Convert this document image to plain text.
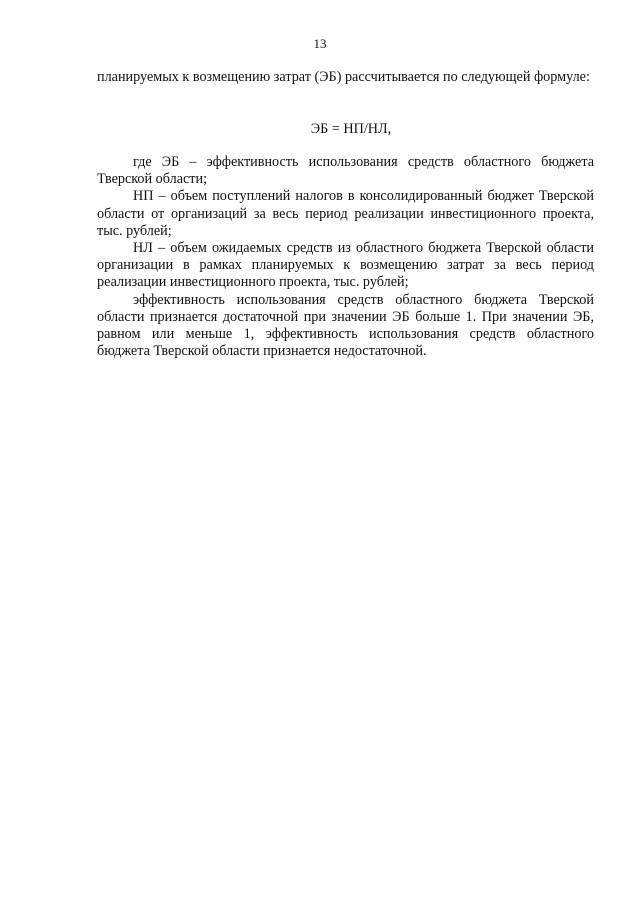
13
планируемых к возмещению затрат (ЭБ) рассчитывается по следующей формуле:
ЭБ = НП/НЛ,

где ЭБ – эффективность использования средств областного бюджета Тверской области;

НП – объем поступлений налогов в консолидированный бюджет Тверской области от организаций за весь период реализации инвестиционного проекта, тыс. рублей;

НЛ – объем ожидаемых средств из областного бюджета Тверской области организации в рамках планируемых к возмещению затрат за весь период реализации инвестиционного проекта, тыс. рублей;

эффективность использования средств областного бюджета Тверской области признается достаточной при значении ЭБ больше 1. При значении ЭБ, равном или меньше 1, эффективность использования средств областного бюджета Тверской области признается недостаточной.
